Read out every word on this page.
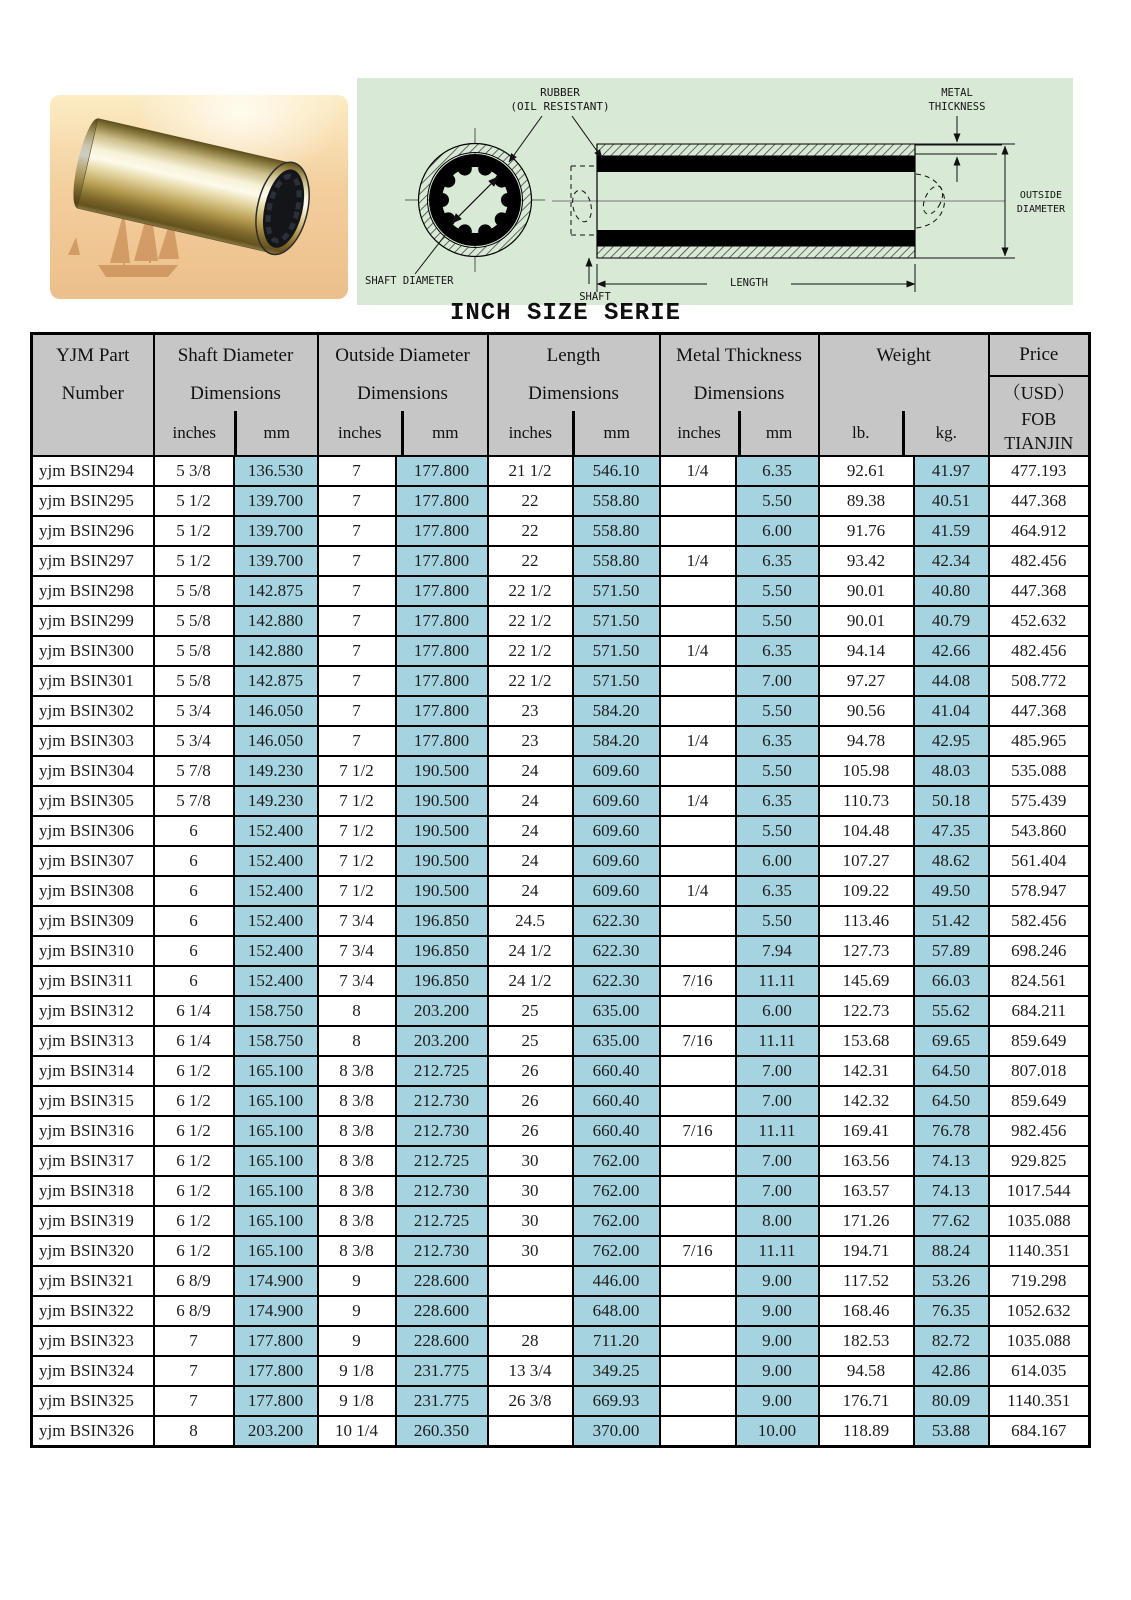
RUBBER
(OIL RESISTANT)
SHAFT DIAMETER
SHAFT
LENGTH
METAL
THICKNESS
OUTSIDE
DIAMETER
INCH SIZE SERIE
YJM Part
Number

Shaft Diameter
Dimensions
inches	mm

Outside Diameter
Dimensions
inches	mm

Length
Dimensions
inches	mm

Metal Thickness
Dimensions
inches	mm

Weight
lb.	kg.

Price
（USD）
FOB
TIANJIN

yjm BSIN294	5 3/8	136.530	7	177.800	21 1/2	546.10	1/4	6.35	92.61	41.97	477.193
yjm BSIN295	5 1/2	139.700	7	177.800	22	558.80		5.50	89.38	40.51	447.368
yjm BSIN296	5 1/2	139.700	7	177.800	22	558.80		6.00	91.76	41.59	464.912
yjm BSIN297	5 1/2	139.700	7	177.800	22	558.80	1/4	6.35	93.42	42.34	482.456
yjm BSIN298	5 5/8	142.875	7	177.800	22 1/2	571.50		5.50	90.01	40.80	447.368
yjm BSIN299	5 5/8	142.880	7	177.800	22 1/2	571.50		5.50	90.01	40.79	452.632
yjm BSIN300	5 5/8	142.880	7	177.800	22 1/2	571.50	1/4	6.35	94.14	42.66	482.456
yjm BSIN301	5 5/8	142.875	7	177.800	22 1/2	571.50		7.00	97.27	44.08	508.772
yjm BSIN302	5 3/4	146.050	7	177.800	23	584.20		5.50	90.56	41.04	447.368
yjm BSIN303	5 3/4	146.050	7	177.800	23	584.20	1/4	6.35	94.78	42.95	485.965
yjm BSIN304	5 7/8	149.230	7 1/2	190.500	24	609.60		5.50	105.98	48.03	535.088
yjm BSIN305	5 7/8	149.230	7 1/2	190.500	24	609.60	1/4	6.35	110.73	50.18	575.439
yjm BSIN306	6	152.400	7 1/2	190.500	24	609.60		5.50	104.48	47.35	543.860
yjm BSIN307	6	152.400	7 1/2	190.500	24	609.60		6.00	107.27	48.62	561.404
yjm BSIN308	6	152.400	7 1/2	190.500	24	609.60	1/4	6.35	109.22	49.50	578.947
yjm BSIN309	6	152.400	7 3/4	196.850	24.5	622.30		5.50	113.46	51.42	582.456
yjm BSIN310	6	152.400	7 3/4	196.850	24 1/2	622.30		7.94	127.73	57.89	698.246
yjm BSIN311	6	152.400	7 3/4	196.850	24 1/2	622.30	7/16	11.11	145.69	66.03	824.561
yjm BSIN312	6 1/4	158.750	8	203.200	25	635.00		6.00	122.73	55.62	684.211
yjm BSIN313	6 1/4	158.750	8	203.200	25	635.00	7/16	11.11	153.68	69.65	859.649
yjm BSIN314	6 1/2	165.100	8 3/8	212.725	26	660.40		7.00	142.31	64.50	807.018
yjm BSIN315	6 1/2	165.100	8 3/8	212.730	26	660.40		7.00	142.32	64.50	859.649
yjm BSIN316	6 1/2	165.100	8 3/8	212.730	26	660.40	7/16	11.11	169.41	76.78	982.456
yjm BSIN317	6 1/2	165.100	8 3/8	212.725	30	762.00		7.00	163.56	74.13	929.825
yjm BSIN318	6 1/2	165.100	8 3/8	212.730	30	762.00		7.00	163.57	74.13	1017.544
yjm BSIN319	6 1/2	165.100	8 3/8	212.725	30	762.00		8.00	171.26	77.62	1035.088
yjm BSIN320	6 1/2	165.100	8 3/8	212.730	30	762.00	7/16	11.11	194.71	88.24	1140.351
yjm BSIN321	6 8/9	174.900	9	228.600		446.00		9.00	117.52	53.26	719.298
yjm BSIN322	6 8/9	174.900	9	228.600		648.00		9.00	168.46	76.35	1052.632
yjm BSIN323	7	177.800	9	228.600	28	711.20		9.00	182.53	82.72	1035.088
yjm BSIN324	7	177.800	9 1/8	231.775	13 3/4	349.25		9.00	94.58	42.86	614.035
yjm BSIN325	7	177.800	9 1/8	231.775	26 3/8	669.93		9.00	176.71	80.09	1140.351
yjm BSIN326	8	203.200	10 1/4	260.350		370.00		10.00	118.89	53.88	684.167
